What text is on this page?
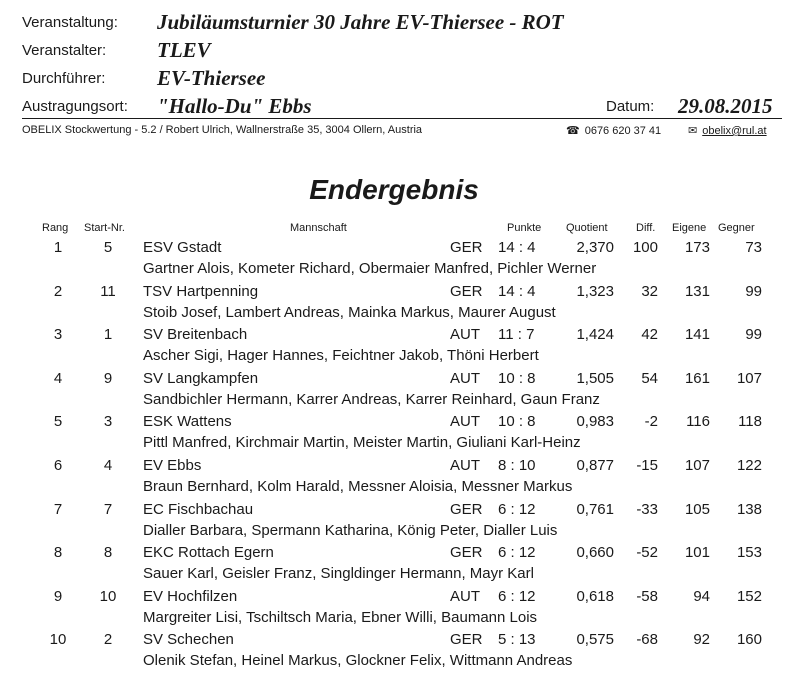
Veranstaltung: Jubiläumsturnier 30 Jahre EV-Thiersee - ROT
Veranstalter: TLEV
Durchführer: EV-Thiersee
Austragungsort: "Hallo-Du" Ebbs	Datum: 29.08.2015
OBELIX Stockwertung - 5.2 / Robert Ulrich, Wallnerstraße 35, 3004 Ollern, Austria	☎ 0676 620 37 41 ✉ obelix@rul.at
Endergebnis
Rang Start-Nr.	Mannschaft	Punkte Quotient	Diff. Eigene Gegner
1	5	ESV Gstadt	GER	14 : 4	2,370	100	173	73
Gartner Alois, Kometer Richard, Obermaier Manfred, Pichler Werner
2	11	TSV Hartpenning	GER	14 : 4	1,323	32	131	99
Stoib Josef, Lambert Andreas, Mainka Markus, Maurer August
3	1	SV Breitenbach	AUT	11 : 7	1,424	42	141	99
Ascher Sigi, Hager Hannes, Feichtner Jakob, Thöni Herbert
4	9	SV Langkampfen	AUT	10 : 8	1,505	54	161	107
Sandbichler Hermann, Karrer Andreas, Karrer Reinhard, Gaun Franz
5	3	ESK Wattens	AUT	10 : 8	0,983	-2	116	118
Pittl Manfred, Kirchmair Martin, Meister Martin, Giuliani Karl-Heinz
6	4	EV Ebbs	AUT	8 : 10	0,877	-15	107	122
Braun Bernhard, Kolm Harald, Messner Aloisia, Messner Markus
7	7	EC Fischbachau	GER	6 : 12	0,761	-33	105	138
Dialler Barbara, Spermann Katharina, König Peter, Dialler Luis
8	8	EKC Rottach Egern	GER	6 : 12	0,660	-52	101	153
Sauer Karl, Geisler Franz, Singldinger Hermann, Mayr Karl
9	10	EV Hochfilzen	AUT	6 : 12	0,618	-58	94	152
Margreiter Lisi, Tschiltsch Maria, Ebner Willi, Baumann Lois
10	2	SV Schechen	GER	5 : 13	0,575	-68	92	160
Olenik Stefan, Heinel Markus, Glockner Felix, Wittmann Andreas
